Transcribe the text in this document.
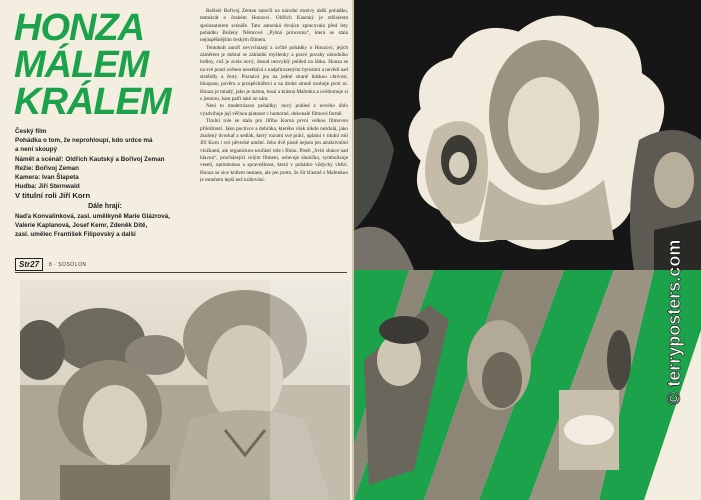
HONZA
MÁLEM
KRÁLEM
Český film
Pohádka o tom, že neprohloupí, kdo srdce má
a není skoupý
Námět a scénář: Oldřich Kautský a Bořivoj Zeman
Režie: Bořivoj Zeman
Kamera: Ivan Šlapeta
Hudba: Jiří Sternwald
V titulní roli Jiří Korn
Dále hrají:
Naďa Konvalinková, zasl. umělkyně Marie Glázrová,
Valerie Kaplanová, Josef Kemr, Zdeněk Dítě,
zasl. umělec František Filipovský a další

Režisér Bořivoj Zeman natočil na národní motivy další pohádku, tentokrát o českém Honzovi. Oldřich Kautský je režisérem spoluautorem scénáře. Tato autorská dvojice zpracovala před lety pohádku Boženy Němcové „Pyšná princezna“, která se stala nejúspěšnějším českým filmem.

Tentokrát autoři nevycházejí z určité pohádky o Honzovi, jejich záměrem je dobrat se základní myšlenky a pravé povahy národního hrdiny, což je zcela nový, dosud nezvyklý pohled na látku. Honza se na své pouti světem nesetkává s nadpřirozenými bytostmi a nevědí nad strašidly a čerty. Poznává jen na jedné straně lidskou chtivost, hloupost, pověru a prospěchářství a na druhé straně osobuje proti ní. Honza je mladý, jako je máma, bosá a krásná Mařenka a uvědomuje si s jistotou, kam patří také on sám.

Není to modernizace pohádky; nový pohled z nového úhlu vyzdvihuje její věčnou platnost v humorné, dokonalé filmové formě.

Titulní role se stala pro Jiřího Korna první velkou filmovou příležitostí. Jako poctivce a dobráka, kterého však nikdo nezdolá, jako zkušený dvorkař a sedlák, který rozumí své práci, uplatní v titulní roli Jiří Korn i své pěvecké umění. Jeho dvě písně nejsou jen atraktivními vložkami, ale organickou součástí role i filmu. Píseň „Svítí slunce nad hlavou“, procházející celým filmem, oslavuje sluníčko, symbolizuje veselí, optimismus a spravedlnost, která v pohádce vždycky vítězí. Honza se sice králem nestane, ale jen proto, že žít šťastně s Mařenkou je mnohem lepší než králování.

Str27	8 · SOSOLON	© terryposters.com
